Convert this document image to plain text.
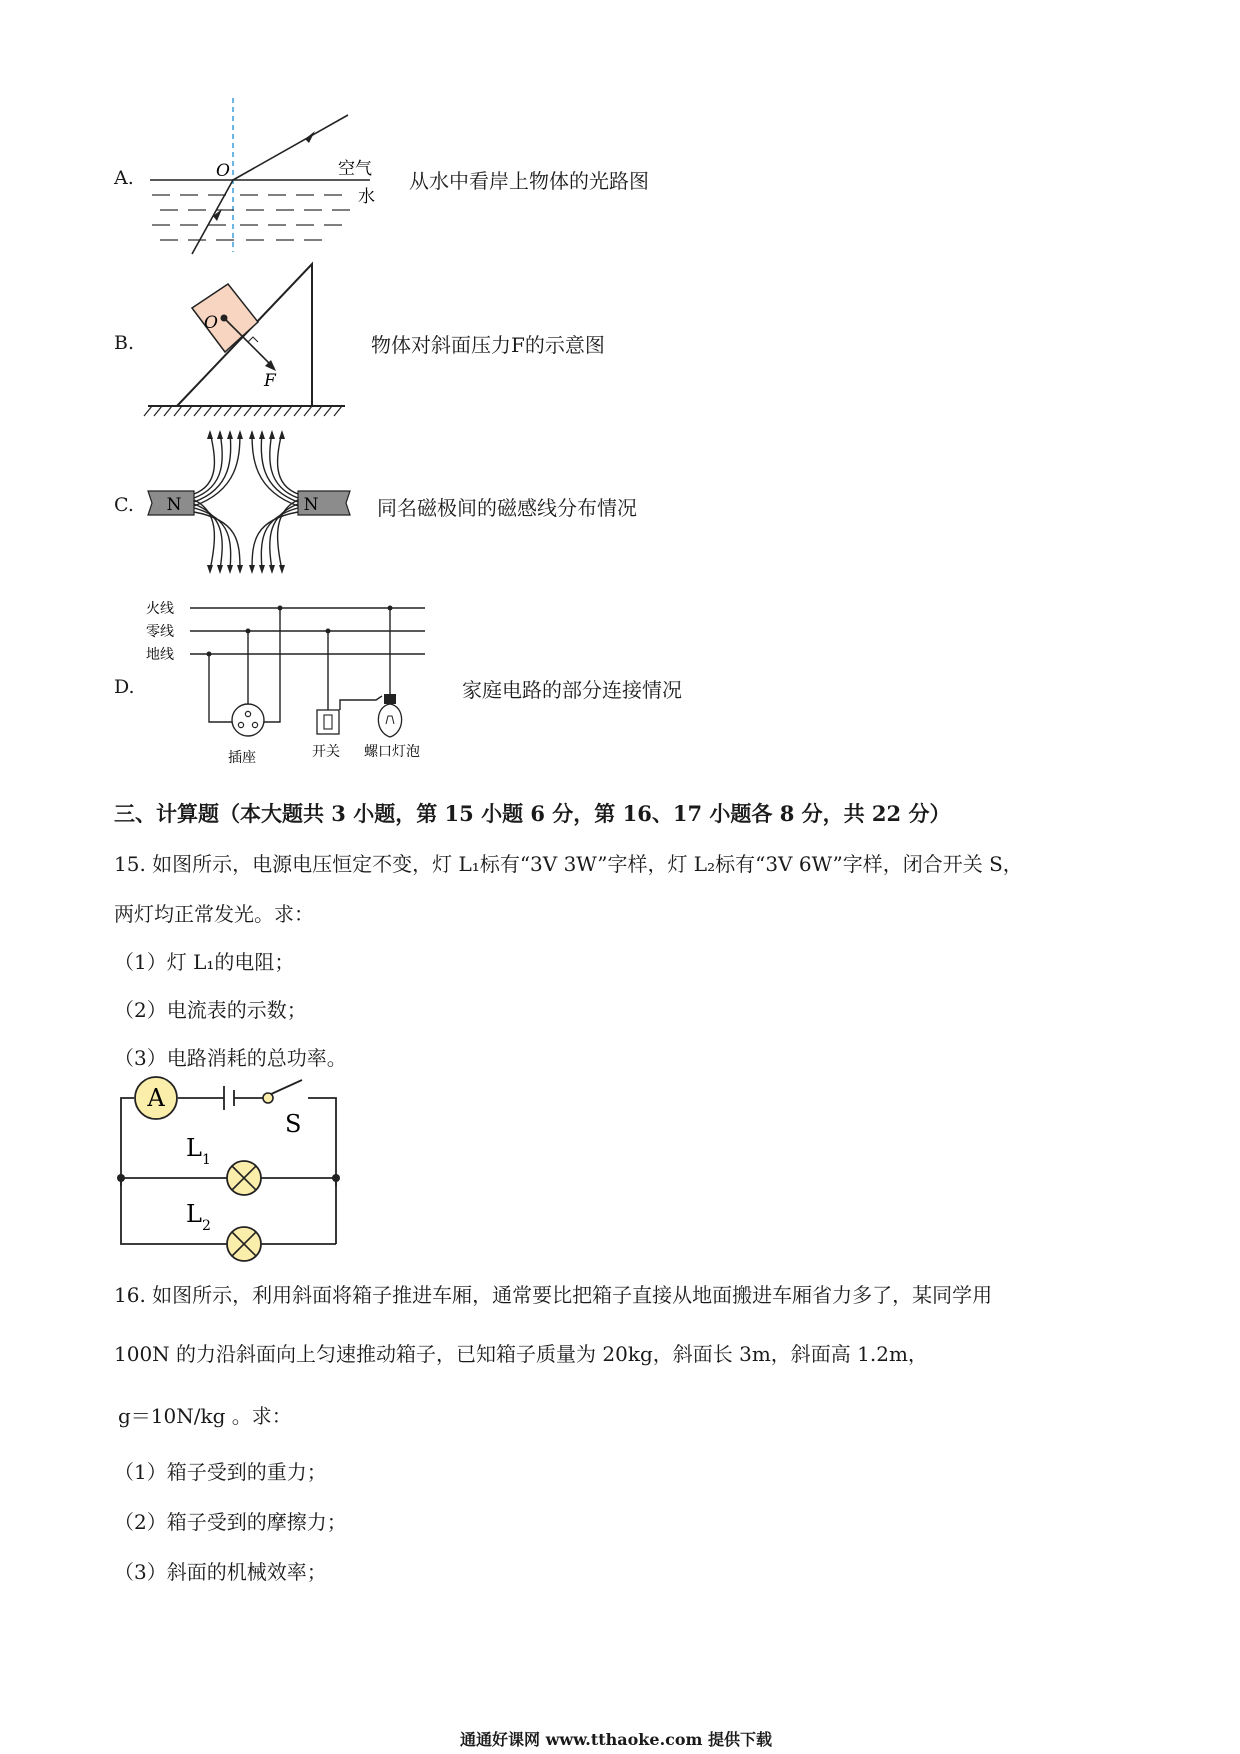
A.	O	空气
水
从水中看岸上物体的光路图
B.
O
F
物体对斜面压力F的示意图
C. N	N	同名磁极间的磁感线分布情况
D.
火线
零线
地线
插座	开关 螺口灯泡
家庭电路的部分连接情况
三、计算题（本大题共 3 小题，第 15 小题 6 分，第 16、17 小题各 8 分，共 22 分）
15. 如图所示，电源电压恒定不变，灯 L₁标有“3V 3W”字样，灯 L₂标有“3V 6W”字样，闭合开关 S，
两灯均正常发光。求：
（1）灯 L₁的电阻；
（2）电流表的示数；
（3）电路消耗的总功率。
A
S
L 1
L 2
16. 如图所示，利用斜面将箱子推进车厢，通常要比把箱子直接从地面搬进车厢省力多了，某同学用
100N 的力沿斜面向上匀速推动箱子，已知箱子质量为 20kg，斜面长 3m，斜面高 1.2m，
g＝10N/kg 。求：
（1）箱子受到的重力；
（2）箱子受到的摩擦力；
（3）斜面的机械效率；
通通好课网 www.tthaoke.com 提供下载
